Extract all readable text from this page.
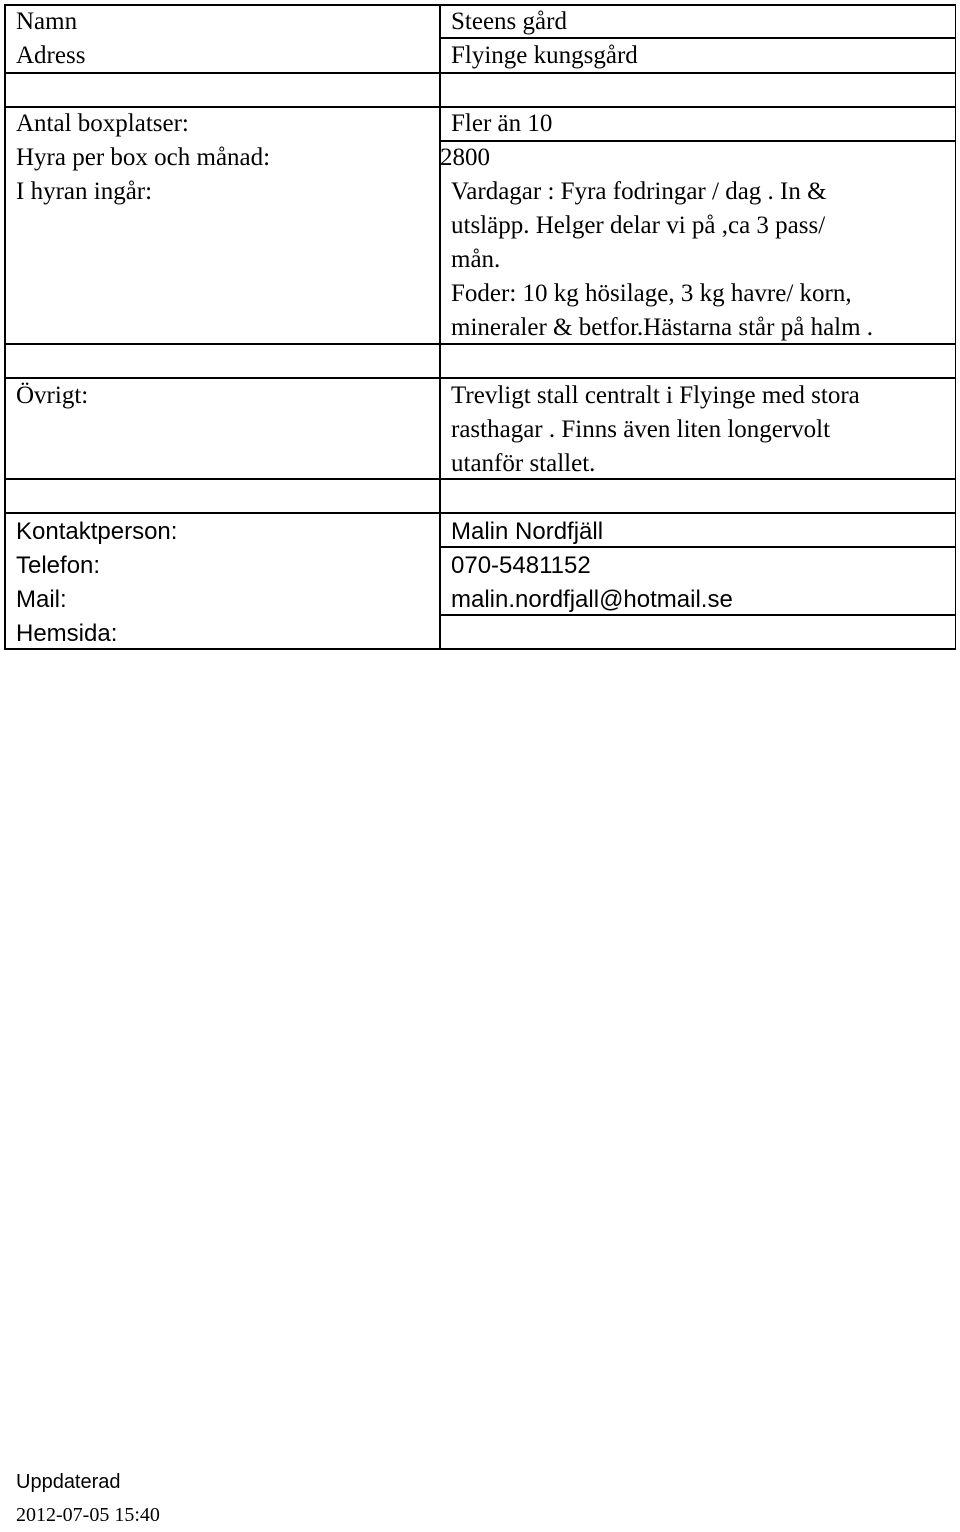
Namn	Steens gård
Adress	Flyinge kungsgård
Antal boxplatser:	Fler än 10
Hyra per box och månad:	2800
I hyran ingår:	Vardagar : Fyra fodringar / dag . In &
utsläpp. Helger delar vi på ,ca 3 pass/
mån.
Foder: 10 kg hösilage, 3 kg havre/ korn,
mineraler & betfor.Hästarna står på halm .
Övrigt:	Trevligt stall centralt i Flyinge med stora
rasthagar . Finns även liten longervolt
utanför stallet.
Kontaktperson:	Malin Nordfjäll
Telefon:	070-5481152
Mail:	malin.nordfjall@hotmail.se
Hemsida:
Uppdaterad
2012-07-05 15:40
